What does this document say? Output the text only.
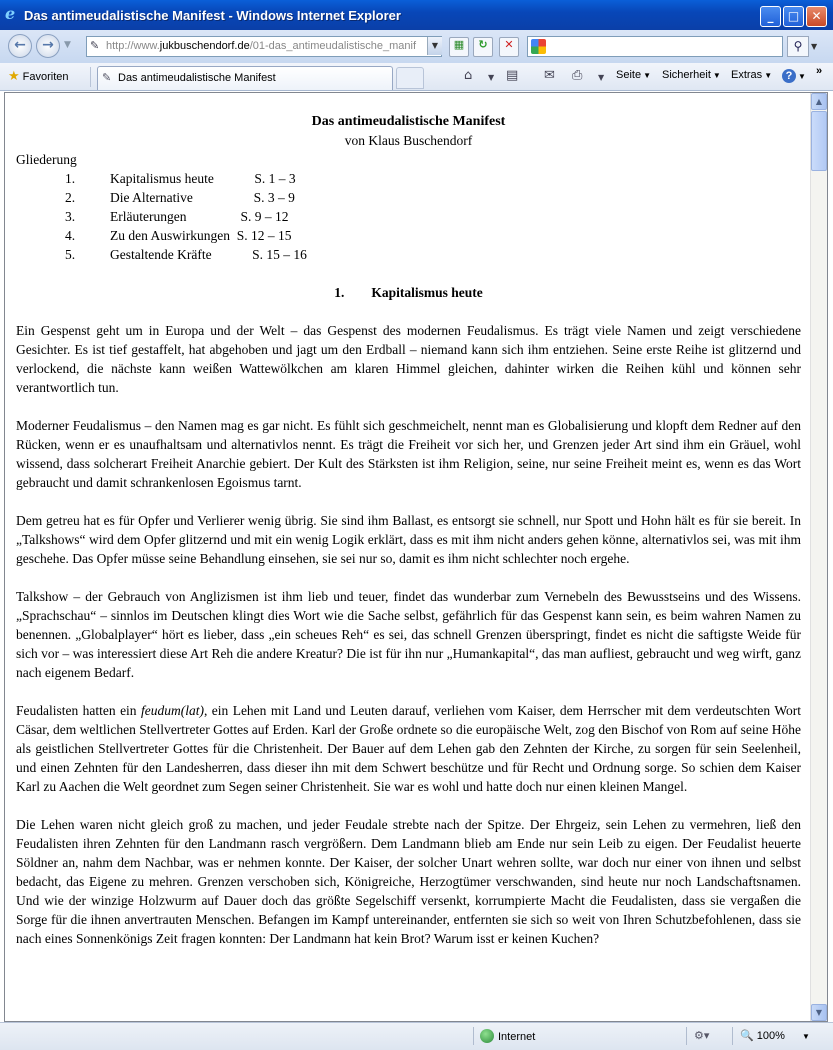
e Das antimeudalistische Manifest - Windows Internet Explorer	_	□	✕
←	→	▼	✎ http://www.jukbuschendorf.de/01-das_antimeudalistische_manif	▼	▦	↻	✕	⚲	▼
★ Favoriten	✎ Das antimeudalistische Manifest	⌂ ▼ ▤ ✉ ⎙ ▼ Seite ▼ Sicherheit ▼ Extras ▼	? ▼ »
Das antimeudalistische Manifest
von Klaus Buschendorf
Gliederung
1.	Kapitalismus heute            S. 1 – 3
2.	Die Alternative                  S. 3 – 9
3.	Erläuterungen                S. 9 – 12
4.	Zu den Auswirkungen  S. 12 – 15
5.	Gestaltende Kräfte            S. 15 – 16
1.        Kapitalismus heute

Ein Gespenst geht um in Europa und der Welt – das Gespenst des modernen Feudalismus. Es trägt viele Namen und zeigt verschiedene Gesichter. Es ist tief gestaffelt, hat abgehoben und jagt um den Erdball – niemand kann sich ihm entziehen. Seine erste Reihe ist glitzernd und verlockend, die nächste kann weißen Wattewölkchen am klaren Himmel gleichen, dahinter wirken die Reihen kühl und können sehr verantwortlich tun.

Moderner Feudalismus – den Namen mag es gar nicht. Es fühlt sich geschmeichelt, nennt man es Globalisierung und klopft dem Redner auf den Rücken, wenn er es unaufhaltsam und alternativlos nennt. Es trägt die Freiheit vor sich her, und Grenzen jeder Art sind ihm ein Gräuel, wohl wissend, dass solcherart Freiheit Anarchie gebiert. Der Kult des Stärksten ist ihm Religion, seine, nur seine Freiheit meint es, wenn es das Wort gebraucht und damit schrankenlosen Egoismus tarnt.

Dem getreu hat es für Opfer und Verlierer wenig übrig. Sie sind ihm Ballast, es entsorgt sie schnell, nur Spott und Hohn hält es für sie bereit. In „Talkshows“ wird dem Opfer glitzernd und mit ein wenig Logik erklärt, dass es mit ihm nicht anders gehen könne, alternativlos sei, was mit ihm geschehe. Das Opfer müsse seine Behandlung einsehen, sie sei nur so, damit es ihm nicht schlechter noch ergehe.

Talkshow – der Gebrauch von Anglizismen ist ihm lieb und teuer, findet das wunderbar zum Vernebeln des Bewusstseins und des Wissens. „Sprachschau“ – sinnlos im Deutschen klingt dies Wort wie die Sache selbst, gefährlich für das Gespenst kann sein, es beim wahren Namen zu benennen. „Globalplayer“ hört es lieber, dass „ein scheues Reh“ es sei, das schnell Grenzen überspringt, findet es nicht die saftigste Weide für sich vor – was interessiert diese Art Reh die andere Kreatur? Die ist für ihn nur „Humankapital“, das man aufliest, gebraucht und weg wirft, ganz nach eigenem Bedarf.

Feudalisten hatten ein feudum(lat), ein Lehen mit Land und Leuten darauf, verliehen vom Kaiser, dem Herrscher mit dem verdeutschten Wort Cäsar, dem weltlichen Stellvertreter Gottes auf Erden. Karl der Große ordnete so die europäische Welt, zog den Bischof von Rom auf seine Höhe als geistlichen Stellvertreter Gottes für die Christenheit. Der Bauer auf dem Lehen gab den Zehnten der Kirche, zu sorgen für sein Seelenheil, und einen Zehnten für den Landesherren, dass dieser ihn mit dem Schwert beschütze und für Recht und Ordnung sorge. So schien dem Kaiser Karl zu Aachen die Welt geordnet zum Segen seiner Christenheit. Sie war es wohl und hatte doch nur einen kleinen Mangel.

Die Lehen waren nicht gleich groß zu machen, und jeder Feudale strebte nach der Spitze. Der Ehrgeiz, sein Lehen zu vermehren, ließ den Feudalisten ihren Zehnten für den Landmann rasch vergrößern. Dem Landmann blieb am Ende nur sein Leib zu eigen. Der Feudalist heuerte Söldner an, nahm dem Nachbar, was er nehmen konnte. Der Kaiser, der solcher Unart wehren sollte, war doch nur einer von ihnen und selbst bedacht, das Eigene zu mehren. Grenzen verschoben sich, Königreiche, Herzogtümer verschwanden, sind heute nur noch Landschaftsnamen. Und wie der winzige Holzwurm auf Dauer doch das größte Segelschiff versenkt, korrumpierte Macht die Feudalisten, dass sie vergaßen die Sorge für die ihnen anvertrauten Menschen. Befangen im Kampf untereinander, entfernten sie sich so weit von Ihren Schutzbefohlenen, dass sie nach eines Sonnenkönigs Zeit fragen konnten: Der Landmann hat kein Brot? Warum isst er keinen Kuchen?

▲
▼
Internet	⚙▾	🔍 100% ▼
